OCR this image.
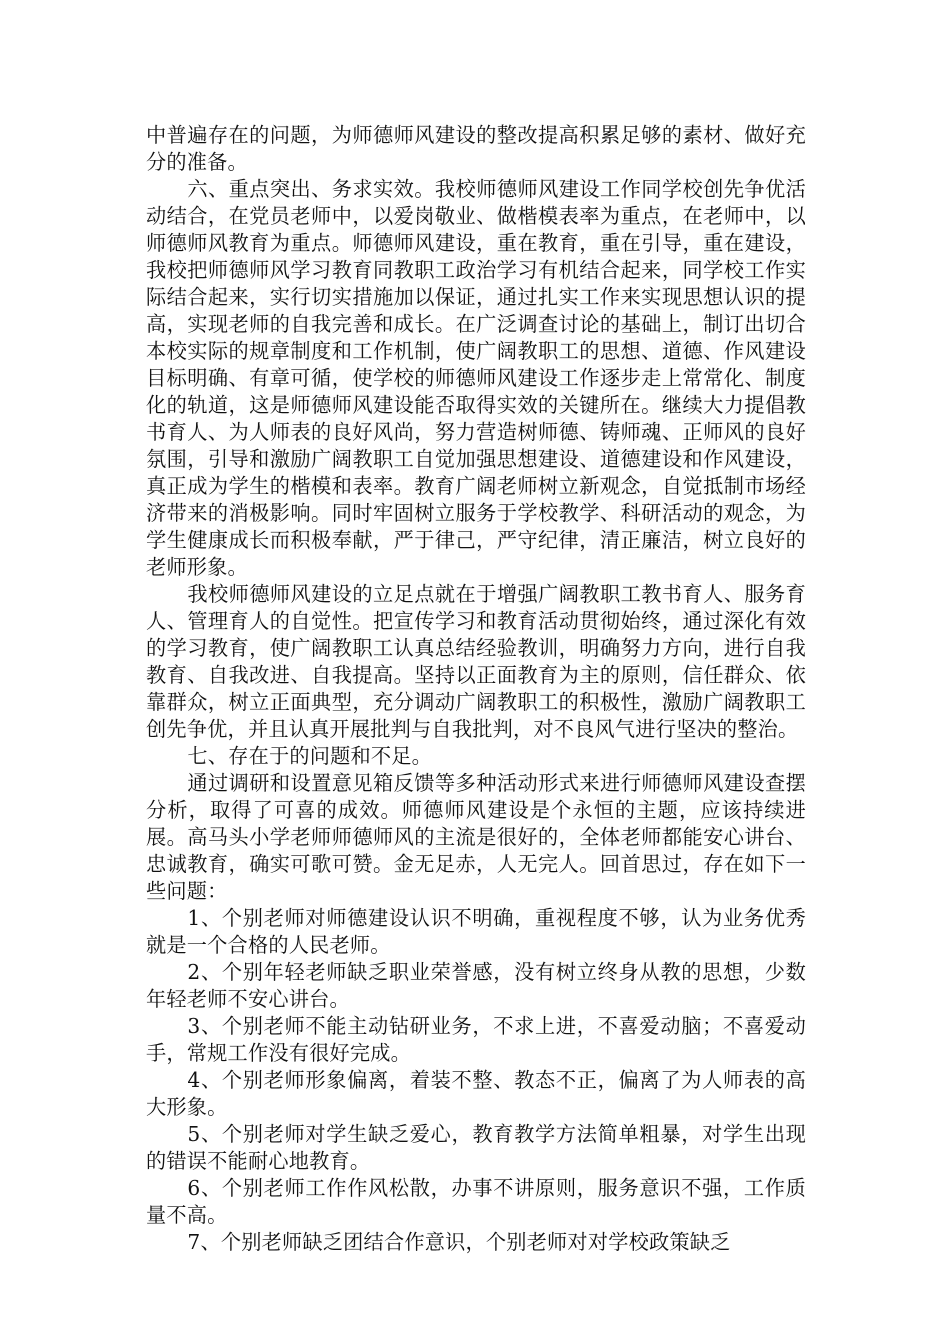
中普遍存在的问题，为师德师风建设的整改提高积累足够的素材、做好充分的准备。

六、重点突出、务求实效。我校师德师风建设工作同学校创先争优活动结合，在党员老师中，以爱岗敬业、做楷模表率为重点，在老师中，以师德师风教育为重点。师德师风建设，重在教育，重在引导，重在建设，我校把师德师风学习教育同教职工政治学习有机结合起来，同学校工作实际结合起来，实行切实措施加以保证，通过扎实工作来实现思想认识的提高，实现老师的自我完善和成长。在广泛调查讨论的基础上，制订出切合本校实际的规章制度和工作机制，使广阔教职工的思想、道德、作风建设目标明确、有章可循，使学校的师德师风建设工作逐步走上常常化、制度化的轨道，这是师德师风建设能否取得实效的关键所在。继续大力提倡教书育人、为人师表的良好风尚，努力营造树师德、铸师魂、正师风的良好氛围，引导和激励广阔教职工自觉加强思想建设、道德建设和作风建设，真正成为学生的楷模和表率。教育广阔老师树立新观念，自觉抵制市场经济带来的消极影响。同时牢固树立服务于学校教学、科研活动的观念，为学生健康成长而积极奉献，严于律己，严守纪律，清正廉洁，树立良好的老师形象。

我校师德师风建设的立足点就在于增强广阔教职工教书育人、服务育人、管理育人的自觉性。把宣传学习和教育活动贯彻始终，通过深化有效的学习教育，使广阔教职工认真总结经验教训，明确努力方向，进行自我教育、自我改进、自我提高。坚持以正面教育为主的原则，信任群众、依靠群众，树立正面典型，充分调动广阔教职工的积极性，激励广阔教职工创先争优，并且认真开展批判与自我批判，对不良风气进行坚决的整治。

七、存在于的问题和不足。

通过调研和设置意见箱反馈等多种活动形式来进行师德师风建设查摆分析，取得了可喜的成效。师德师风建设是个永恒的主题，应该持续进展。高马头小学老师师德师风的主流是很好的，全体老师都能安心讲台、忠诚教育，确实可歌可赞。金无足赤，人无完人。回首思过，存在如下一些问题：

1、个别老师对师德建设认识不明确，重视程度不够，认为业务优秀就是一个合格的人民老师。

2、个别年轻老师缺乏职业荣誉感，没有树立终身从教的思想，少数年轻老师不安心讲台。

3、个别老师不能主动钻研业务，不求上进，不喜爱动脑；不喜爱动手，常规工作没有很好完成。

4、个别老师形象偏离，着装不整、教态不正，偏离了为人师表的高大形象。

5、个别老师对学生缺乏爱心，教育教学方法简单粗暴，对学生出现的错误不能耐心地教育。

6、个别老师工作作风松散，办事不讲原则，服务意识不强，工作质量不高。

7、个别老师缺乏团结合作意识，个别老师对对学校政策缺乏
